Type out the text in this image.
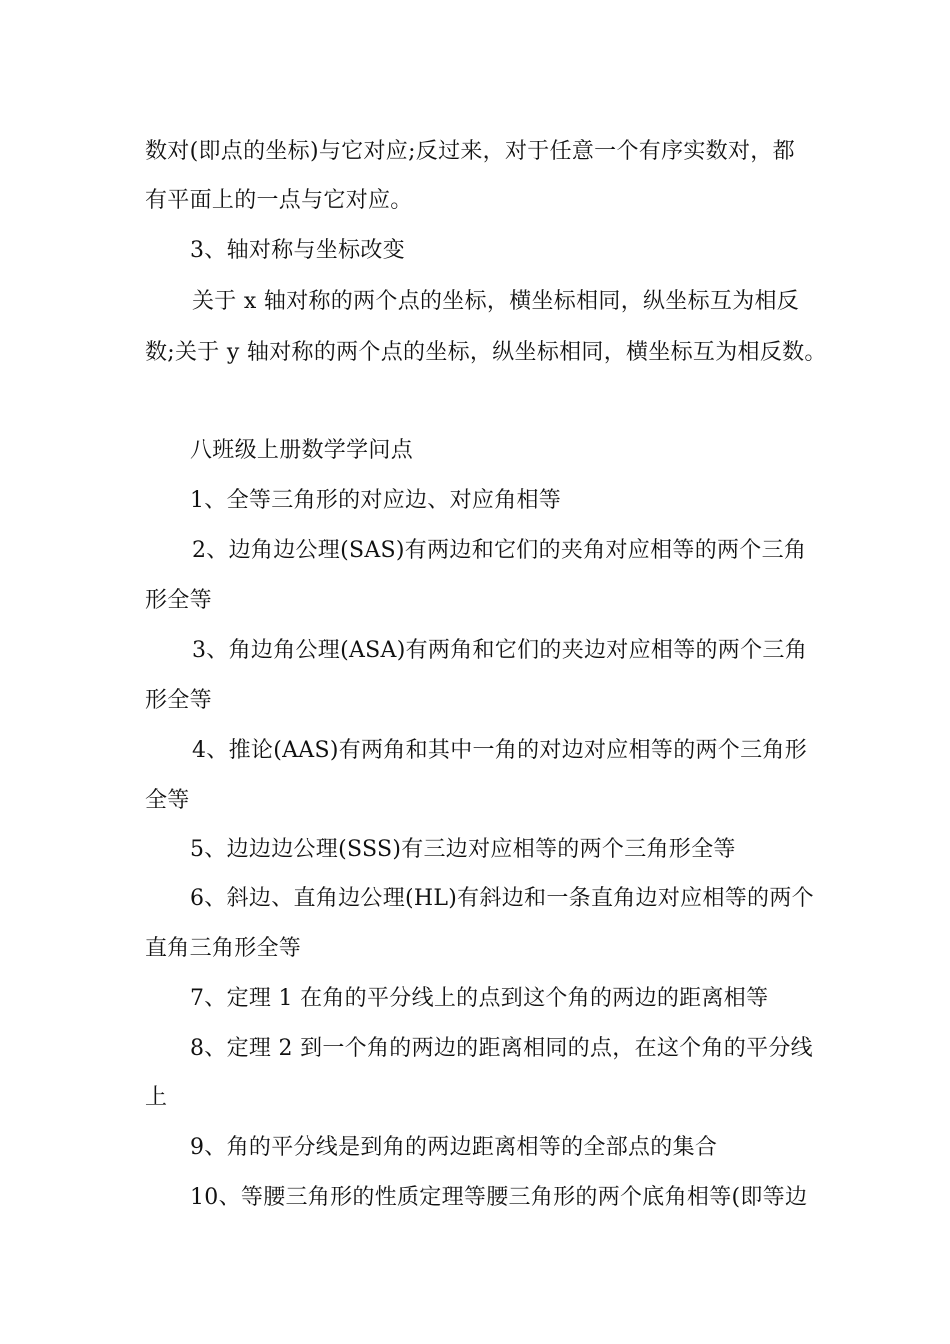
数对(即点的坐标)与它对应;反过来，对于任意一个有序实数对，都
有平面上的一点与它对应。
3、轴对称与坐标改变
关于 x 轴对称的两个点的坐标，横坐标相同，纵坐标互为相反
数;关于 y 轴对称的两个点的坐标，纵坐标相同，横坐标互为相反数。
八班级上册数学学问点
1、全等三角形的对应边、对应角相等
2、边角边公理(SAS)有两边和它们的夹角对应相等的两个三角
形全等
3、角边角公理(ASA)有两角和它们的夹边对应相等的两个三角
形全等
4、推论(AAS)有两角和其中一角的对边对应相等的两个三角形
全等
5、边边边公理(SSS)有三边对应相等的两个三角形全等
6、斜边、直角边公理(HL)有斜边和一条直角边对应相等的两个
直角三角形全等
7、定理 1 在角的平分线上的点到这个角的两边的距离相等
8、定理 2 到一个角的两边的距离相同的点，在这个角的平分线
上
9、角的平分线是到角的两边距离相等的全部点的集合
10、等腰三角形的性质定理等腰三角形的两个底角相等(即等边
